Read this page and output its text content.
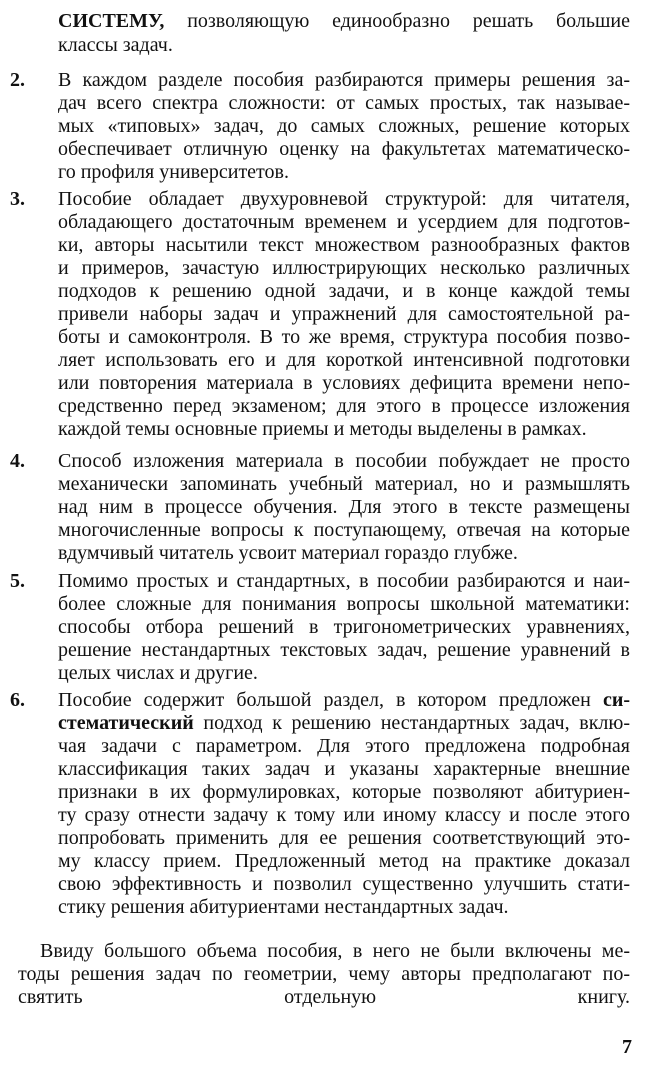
СИСТЕМУ, позволяющую единообразно решать большие
классы задач.
2. В каждом разделе пособия разбираются примеры решения за-
дач всего спектра сложности: от самых простых, так называе-
мых «типовых» задач, до самых сложных, решение которых
обеспечивает отличную оценку на факультетах математическо-
го профиля университетов.
3. Пособие обладает двухуровневой структурой: для читателя,
обладающего достаточным временем и усердием для подготов-
ки, авторы насытили текст множеством разнообразных фактов
и примеров, зачастую иллюстрирующих несколько различных
подходов к решению одной задачи, и в конце каждой темы
привели наборы задач и упражнений для самостоятельной ра-
боты и самоконтроля. В то же время, структура пособия позво-
ляет использовать его и для короткой интенсивной подготовки
или повторения материала в условиях дефицита времени непо-
средственно перед экзаменом; для этого в процессе изложения
каждой темы основные приемы и методы выделены в рамках.
4. Способ изложения материала в пособии побуждает не просто
механически запоминать учебный материал, но и размышлять
над ним в процессе обучения. Для этого в тексте размещены
многочисленные вопросы к поступающему, отвечая на которые
вдумчивый читатель усвоит материал гораздо глубже.
5. Помимо простых и стандартных, в пособии разбираются и наи-
более сложные для понимания вопросы школьной математики:
способы отбора решений в тригонометрических уравнениях,
решение нестандартных текстовых задач, решение уравнений в
целых числах и другие.
6. Пособие содержит большой раздел, в котором предложен си-
стематический подход к решению нестандартных задач, вклю-
чая задачи с параметром. Для этого предложена подробная
классификация таких задач и указаны характерные внешние
признаки в их формулировках, которые позволяют абитуриен-
ту сразу отнести задачу к тому или иному классу и после этого
попробовать применить для ее решения соответствующий это-
му классу прием. Предложенный метод на практике доказал
свою эффективность и позволил существенно улучшить стати-
стику решения абитуриентами нестандартных задач.
Ввиду большого объема пособия, в него не были включены ме-
тоды решения задач по геометрии, чему авторы предполагают по-
святить отдельную книгу.
7
